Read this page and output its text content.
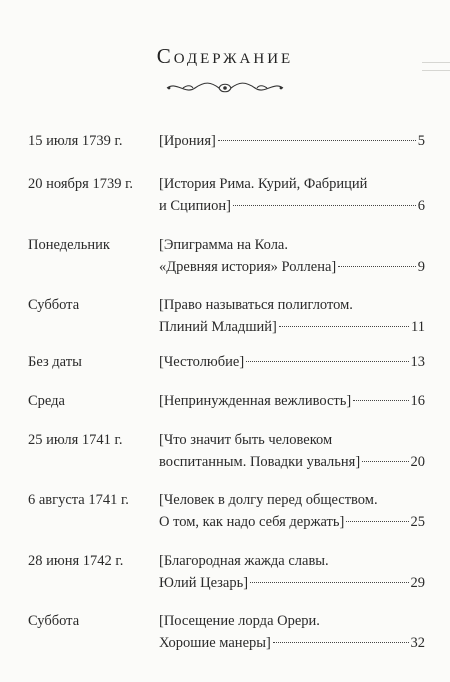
Содержание
15 июля 1739 г.	[Ирония]	5
20 ноября 1739 г. [История Рима. Курий, Фабриций
и Сципион]	6
Понедельник	[Эпиграмма на Кола.
«Древняя история» Роллена]	9
Суббота	[Право называться полиглотом.
Плиний Младший]	11
Без даты	[Честолюбие]	13
Среда	[Непринужденная вежливость]	16
25 июля 1741 г.	[Что значит быть человеком
воспитанным. Повадки увальня]	20
6 августа 1741 г. [Человек в долгу перед обществом.
О том, как надо себя держать]	25
28 июня 1742 г. [Благородная жажда славы.
Юлий Цезарь]	29
Суббота	[Посещение лорда Орери.
Хорошие манеры]	32
